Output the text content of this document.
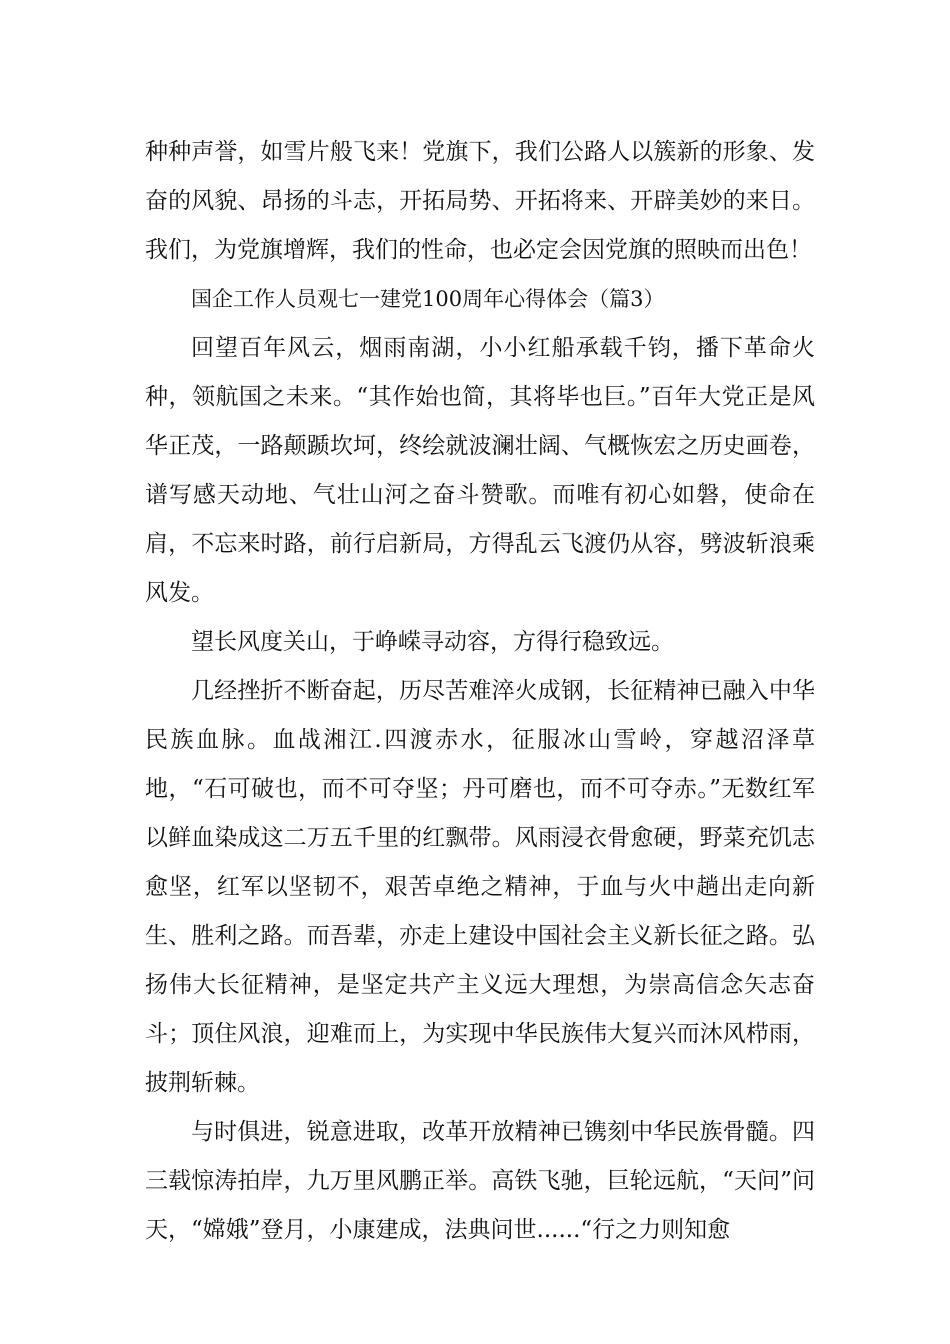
种种声誉，如雪片般飞来！党旗下，我们公路人以簇新的形象、发奋的风貌、昂扬的斗志，开拓局势、开拓将来、开辟美妙的来日。我们，为党旗增辉，我们的性命，也必定会因党旗的照映而出色！

国企工作人员观七一建党100周年心得体会（篇3）

回望百年风云，烟雨南湖，小小红船承载千钧，播下革命火种，领航国之未来。“其作始也简，其将毕也巨。”百年大党正是风华正茂，一路颠踬坎坷，终绘就波澜壮阔、气概恢宏之历史画卷，谱写感天动地、气壮山河之奋斗赞歌。而唯有初心如磐，使命在肩，不忘来时路，前行启新局，方得乱云飞渡仍从容，劈波斩浪乘风发。

望长风度关山，于峥嵘寻动容，方得行稳致远。

几经挫折不断奋起，历尽苦难淬火成钢，长征精神已融入中华民族血脉。血战湘江.四渡赤水，征服冰山雪岭，穿越沼泽草地，“石可破也，而不可夺坚；丹可磨也，而不可夺赤。”无数红军以鲜血染成这二万五千里的红飘带。风雨浸衣骨愈硬，野菜充饥志愈坚，红军以坚韧不，艰苦卓绝之精神，于血与火中趟出走向新生、胜利之路。而吾辈，亦走上建设中国社会主义新长征之路。弘扬伟大长征精神，是坚定共产主义远大理想，为崇高信念矢志奋斗；顶住风浪，迎难而上，为实现中华民族伟大复兴而沐风栉雨，披荆斩棘。

与时俱进，锐意进取，改革开放精神已镌刻中华民族骨髓。四三载惊涛拍岸，九万里风鹏正举。高铁飞驰，巨轮远航，“天问”问天，“嫦娥”登月，小康建成，法典问世......“行之力则知愈
